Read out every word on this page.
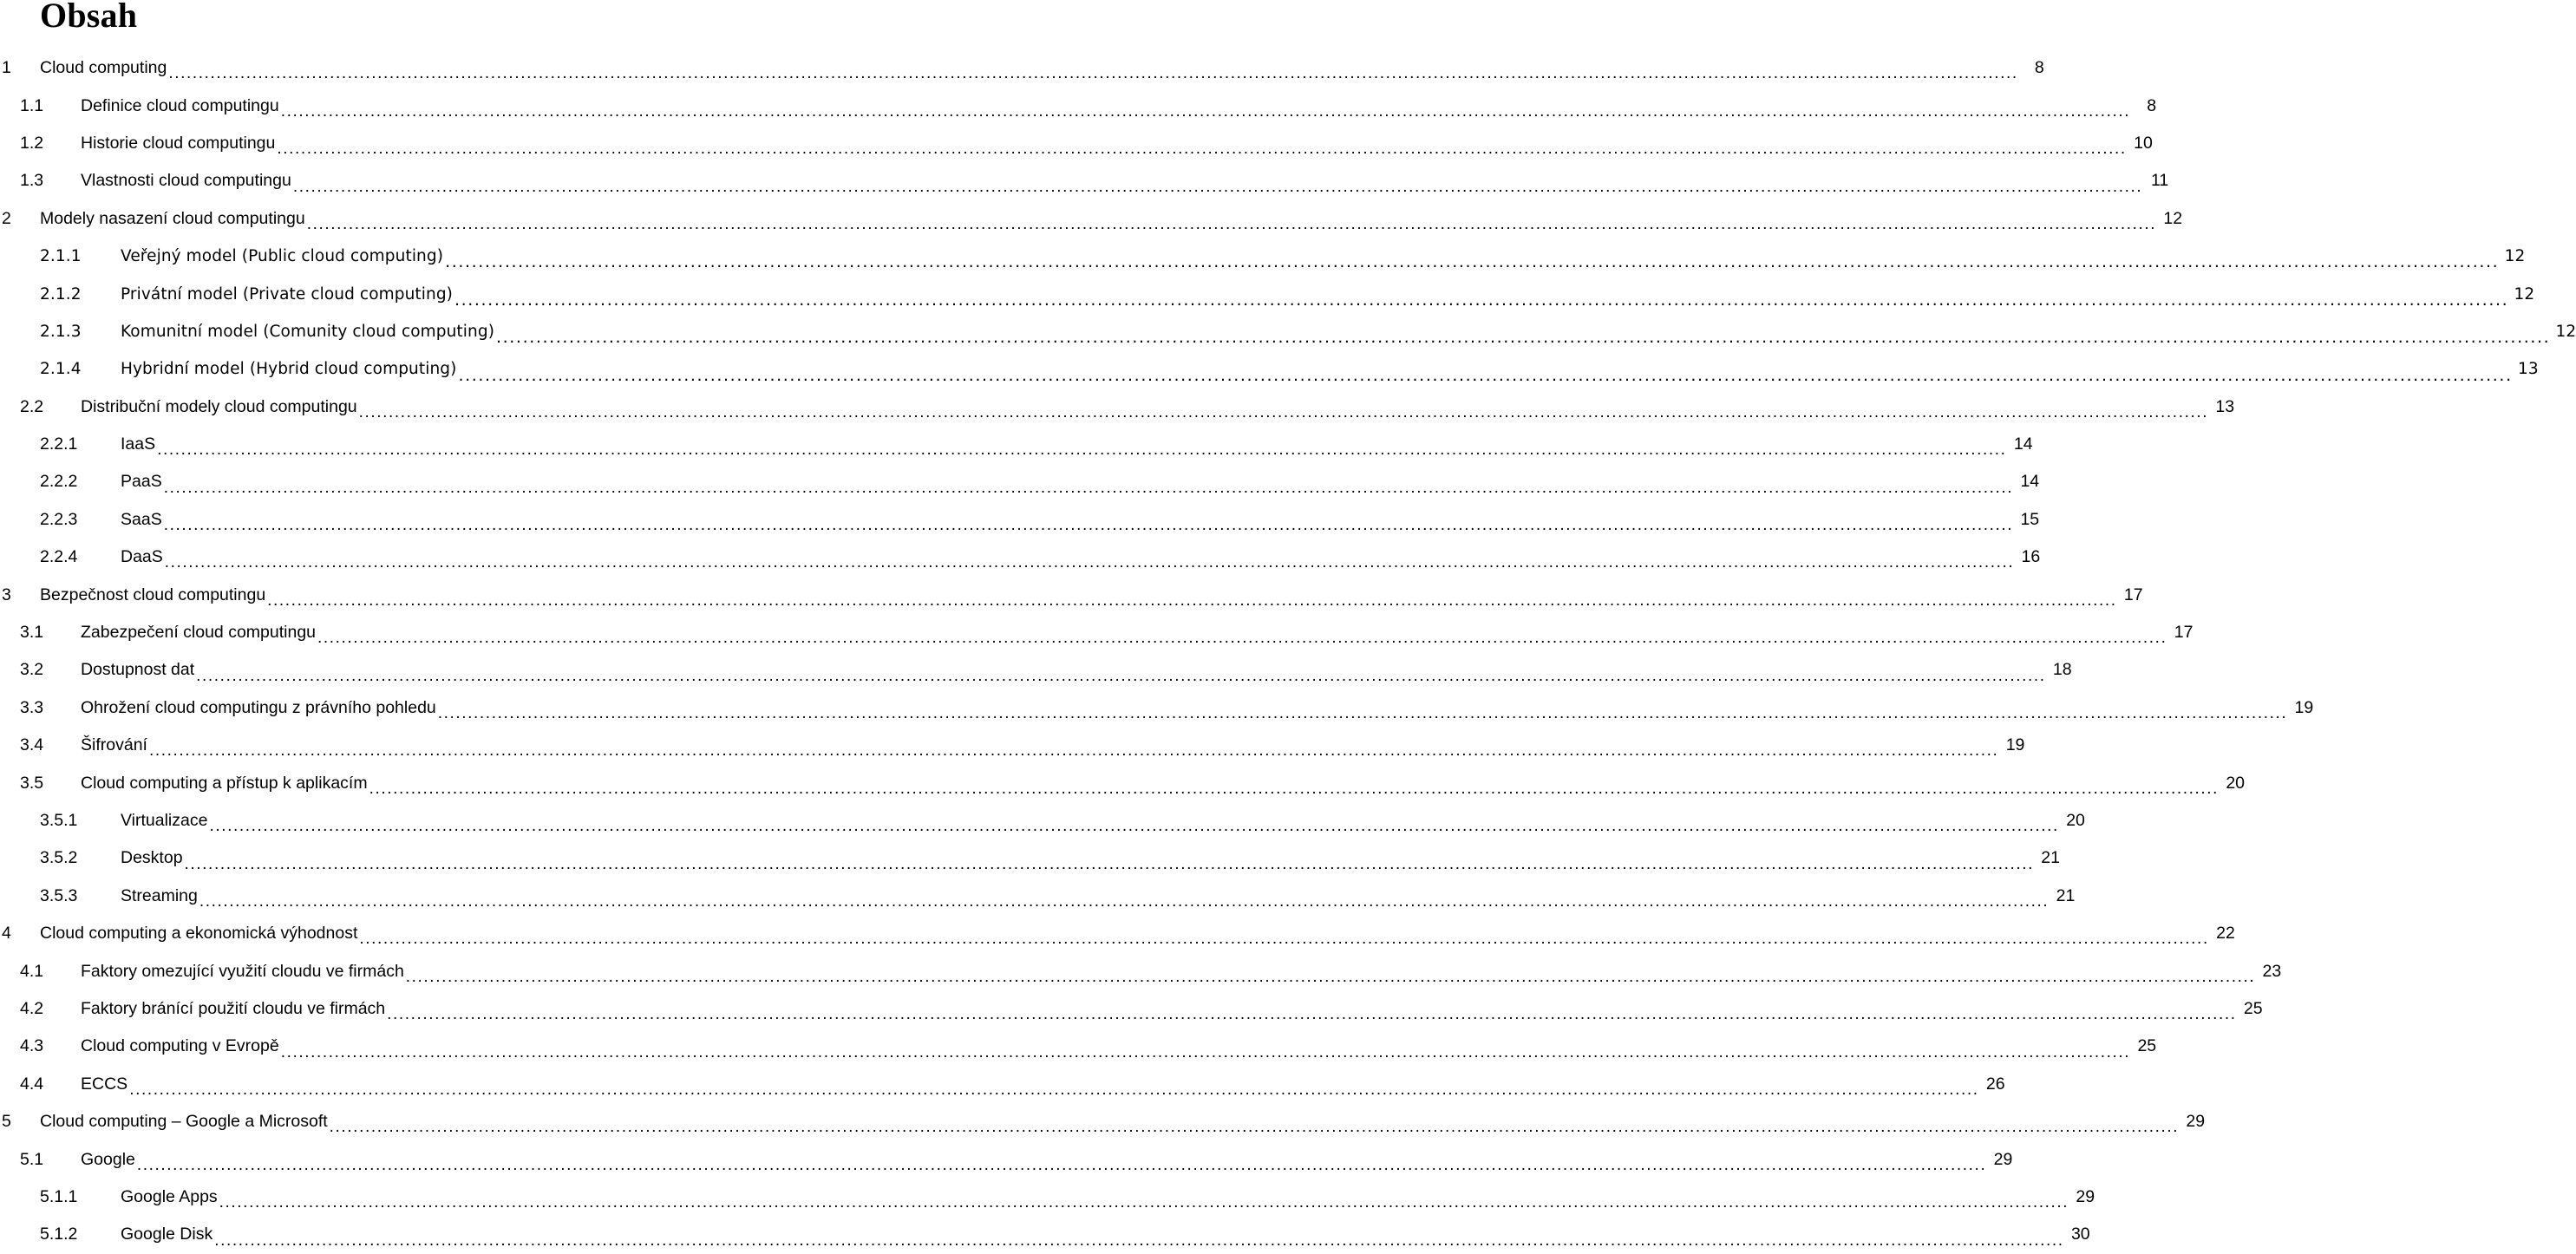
Obsah
1	Cloud computing .....	8
1.1	Definice cloud computingu .....	8
1.2	Historie cloud computingu .....	10
1.3	Vlastnosti cloud computingu .....	11
2	Modely nasazení cloud computingu .....	12
2.1.1	Veřejný model (Public cloud computing) .....	12
2.1.2	Privátní model (Private cloud computing) .....	12
2.1.3	Komunitní model (Comunity cloud computing) .....	12
2.1.4	Hybridní model (Hybrid cloud computing) .....	13
2.2	Distribuční modely cloud computingu .....	13
2.2.1	IaaS .....	14
2.2.2	PaaS .....	14
2.2.3	SaaS .....	15
2.2.4	DaaS .....	16
3	Bezpečnost cloud computingu .....	17
3.1	Zabezpečení cloud computingu .....	17
3.2	Dostupnost dat .....	18
3.3	Ohrožení cloud computingu z právního pohledu .....	19
3.4	Šifrování .....	19
3.5	Cloud computing a přístup k aplikacím .....	20
3.5.1	Virtualizace .....	20
3.5.2	Desktop .....	21
3.5.3	Streaming .....	21
4	Cloud computing a ekonomická výhodnost .....	22
4.1	Faktory omezující využití cloudu ve firmách .....	23
4.2	Faktory bránící použití cloudu ve firmách .....	25
4.3	Cloud computing v Evropě .....	25
4.4	ECCS .....	26
5	Cloud computing – Google a Microsoft .....	29
5.1	Google .....	29
5.1.1	Google Apps .....	29
5.1.2	Google Disk .....	30
